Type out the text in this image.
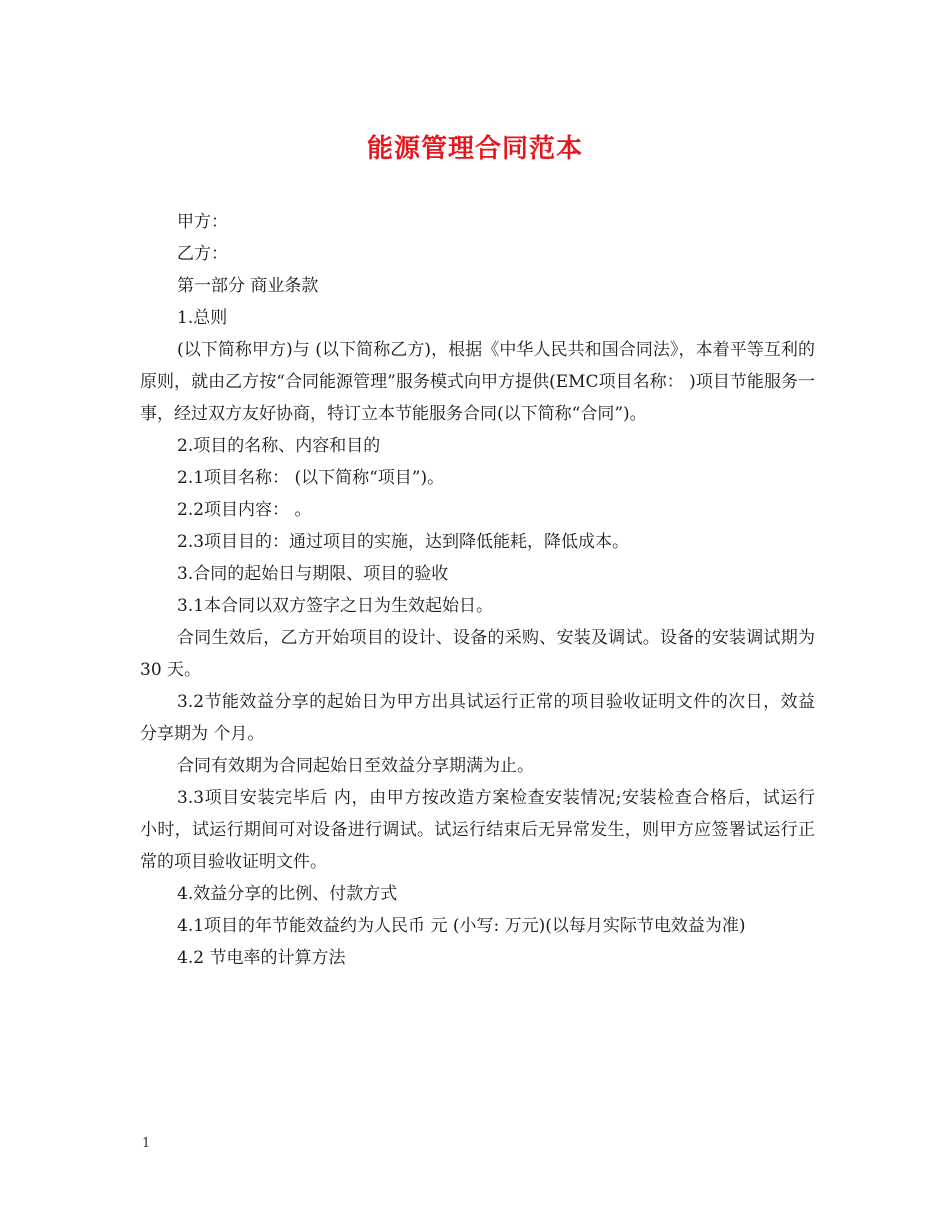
能源管理合同范本

甲方：

乙方：

第一部分 商业条款

1.总则

(以下简称甲方)与 (以下简称乙方)，根据《中华人民共和国合同法》，本着平等互利的原则，就由乙方按“合同能源管理”服务模式向甲方提供(EMC项目名称： )项目节能服务一事，经过双方友好协商，特订立本节能服务合同(以下简称“合同”)。

2.项目的名称、内容和目的

2.1项目名称： (以下简称“项目”)。

2.2项目内容： 。

2.3项目目的：通过项目的实施，达到降低能耗，降低成本。

3.合同的起始日与期限、项目的验收

3.1本合同以双方签字之日为生效起始日。

合同生效后，乙方开始项目的设计、设备的采购、安装及调试。设备的安装调试期为30 天。

3.2节能效益分享的起始日为甲方出具试运行正常的项目验收证明文件的次日，效益分享期为 个月。

合同有效期为合同起始日至效益分享期满为止。

3.3项目安装完毕后 内，由甲方按改造方案检查安装情况;安装检查合格后，试运行 小时，试运行期间可对设备进行调试。试运行结束后无异常发生，则甲方应签署试运行正常的项目验收证明文件。

4.效益分享的比例、付款方式

4.1项目的年节能效益约为人民币 元 (小写: 万元)(以每月实际节电效益为准)

4.2 节电率的计算方法

1
